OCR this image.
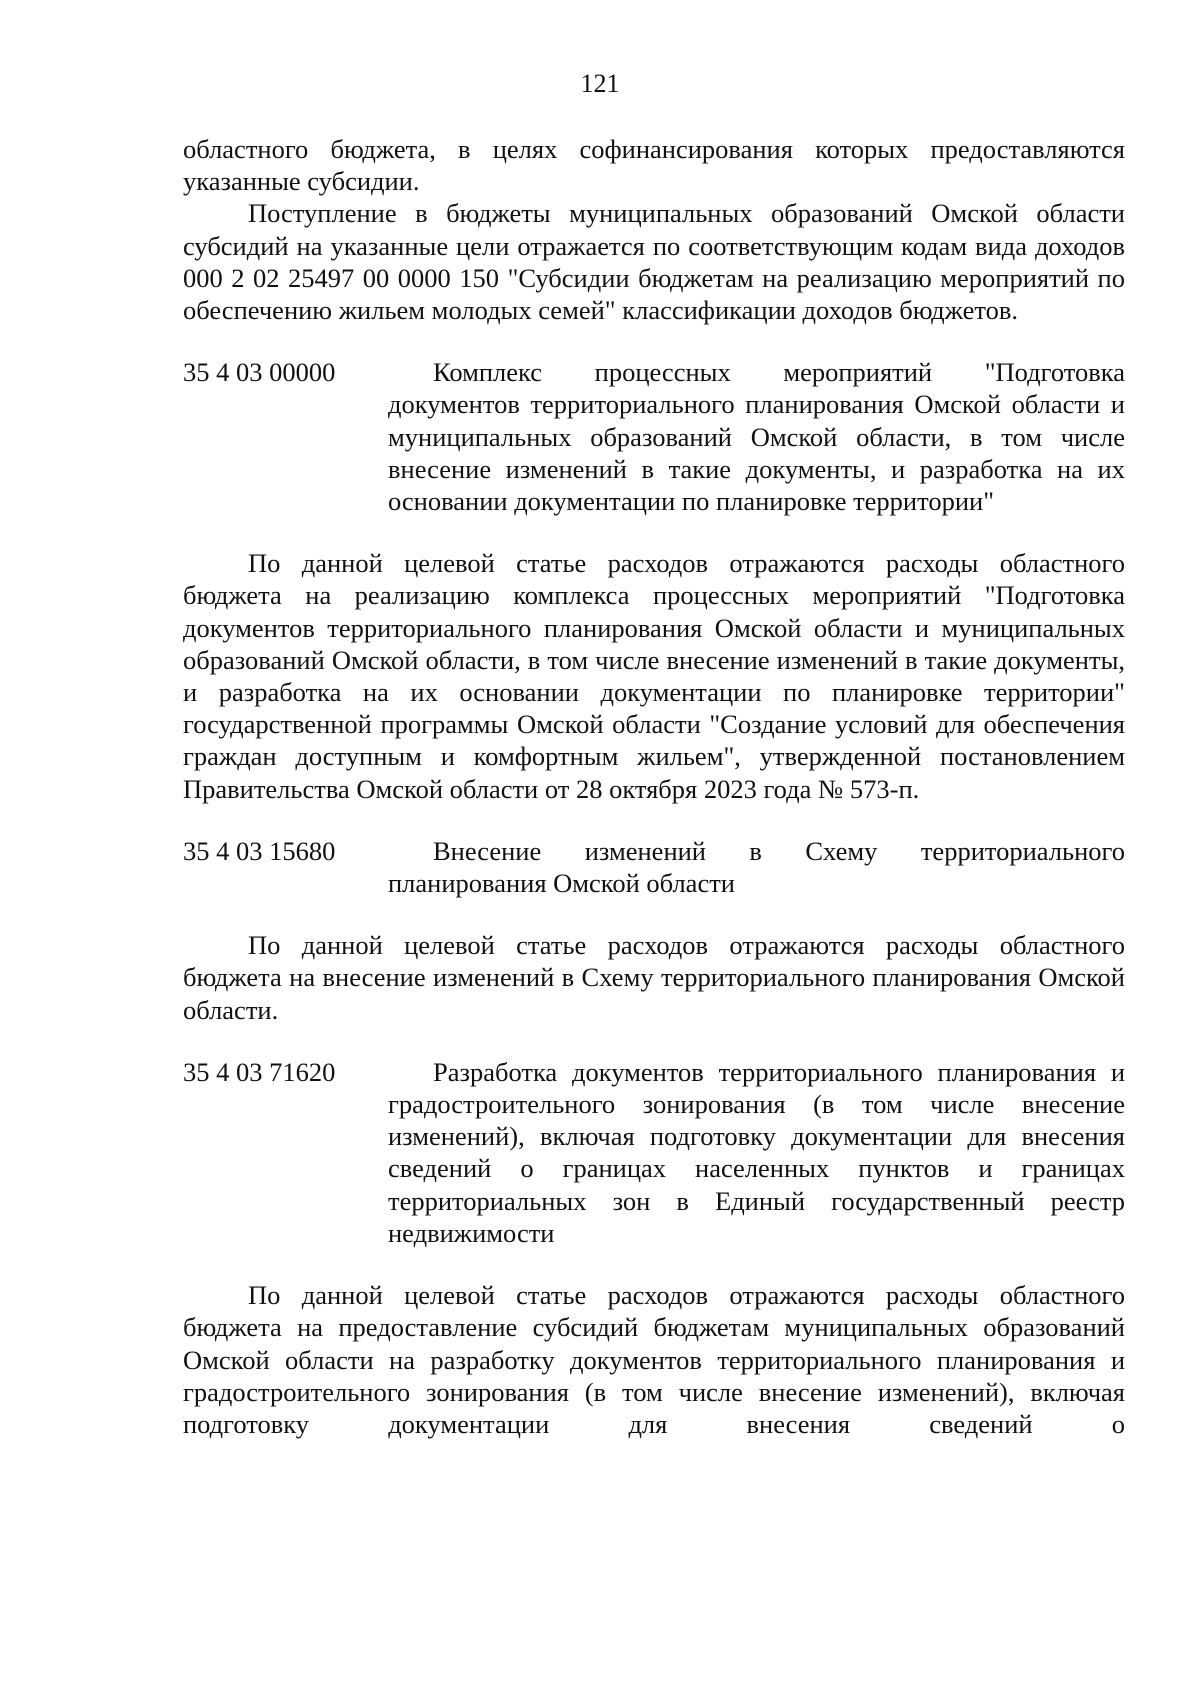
121

областного бюджета, в целях софинансирования которых предоставляются указанные субсидии.

Поступление в бюджеты муниципальных образований Омской области субсидий на указанные цели отражается по соответствующим кодам вида доходов 000 2 02 25497 00 0000 150 "Субсидии бюджетам на реализацию мероприятий по обеспечению жильем молодых семей" классификации доходов бюджетов.

35 4 03 00000	Комплекс процессных мероприятий "Подготовка документов территориального планирования Омской области и муниципальных образований Омской области, в том числе внесение изменений в такие документы, и разработка на их основании документации по планировке территории"

По данной целевой статье расходов отражаются расходы областного бюджета на реализацию комплекса процессных мероприятий "Подготовка документов территориального планирования Омской области и муниципальных образований Омской области, в том числе внесение изменений в такие документы, и разработка на их основании документации по планировке территории" государственной программы Омской области "Создание условий для обеспечения граждан доступным и комфортным жильем", утвержденной постановлением Правительства Омской области от 28 октября 2023 года № 573-п.

35 4 03 15680	Внесение изменений в Схему территориального планирования Омской области

По данной целевой статье расходов отражаются расходы областного бюджета на внесение изменений в Схему территориального планирования Омской области.

35 4 03 71620	Разработка документов территориального планирования и градостроительного зонирования (в том числе внесение изменений), включая подготовку документации для внесения сведений о границах населенных пунктов и границах территориальных зон в Единый государственный реестр недвижимости

По данной целевой статье расходов отражаются расходы областного бюджета на предоставление субсидий бюджетам муниципальных образований Омской области на разработку документов территориального планирования и градостроительного зонирования (в том числе внесение изменений), включая подготовку документации для внесения сведений о
